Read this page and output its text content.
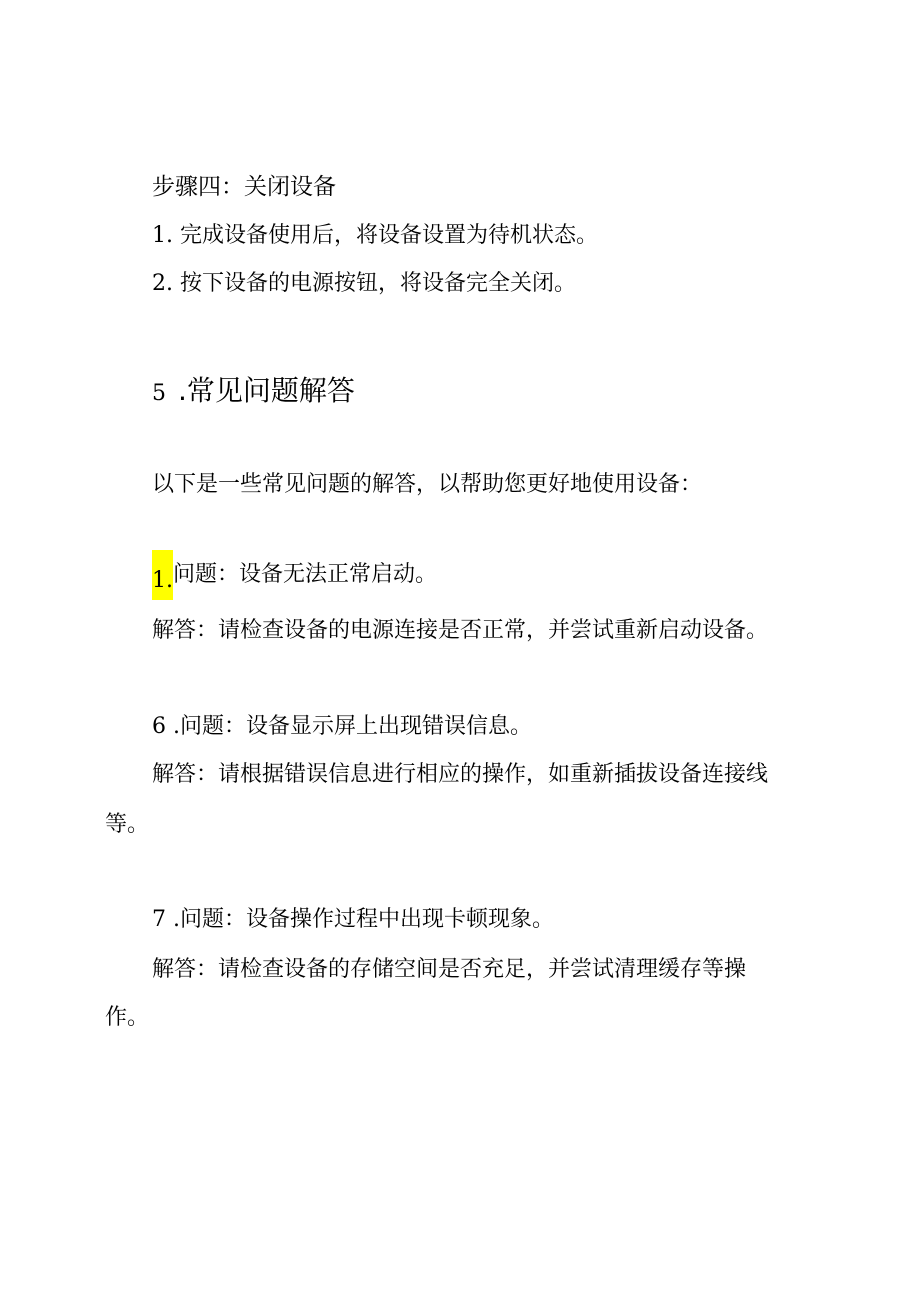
步骤四：关闭设备
1. 完成设备使用后，将设备设置为待机状态。
2. 按下设备的电源按钮，将设备完全关闭。
5 .常见问题解答
以下是一些常见问题的解答，以帮助您更好地使用设备：
1.问题：设备无法正常启动。
解答：请检查设备的电源连接是否正常，并尝试重新启动设备。
6 .问题：设备显示屏上出现错误信息。
解答：请根据错误信息进行相应的操作，如重新插拔设备连接线
等。
7 .问题：设备操作过程中出现卡顿现象。
解答：请检查设备的存储空间是否充足，并尝试清理缓存等操
作。
